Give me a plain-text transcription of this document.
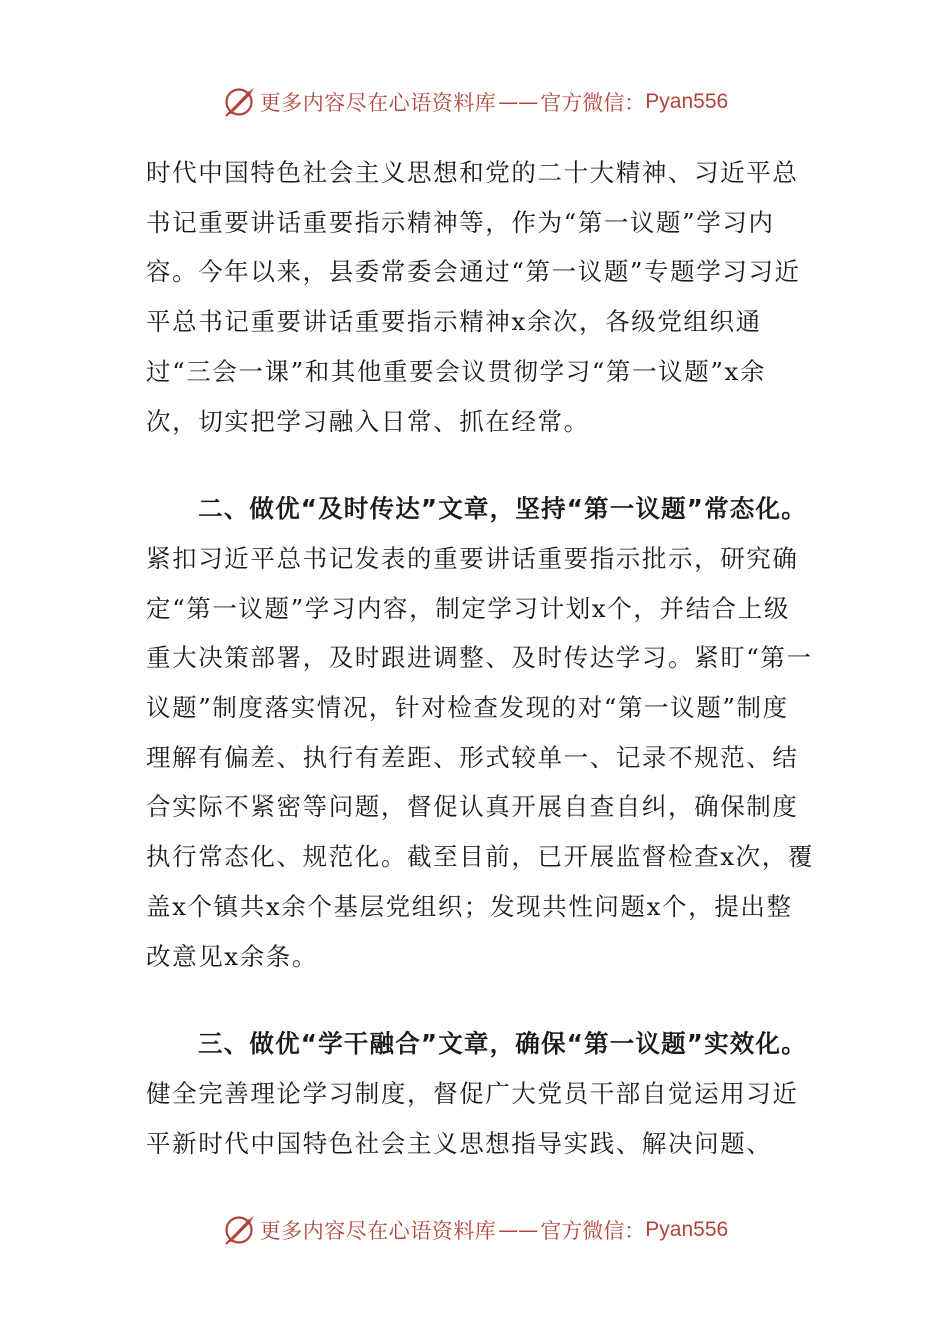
更多内容尽在心语资料库 —— 官方微信： Pyan556

时代中国特色社会主义思想和党的二十大精神、习近平总书记重要讲话重要指示精神等，作为“第一议题”学习内容。今年以来，县委常委会通过“第一议题”专题学习习近平总书记重要讲话重要指示精神x余次，各级党组织通过“三会一课”和其他重要会议贯彻学习“第一议题”x余次，切实把学习融入日常、抓在经常。

二、做优“及时传达”文章，坚持“第一议题”常态化。紧扣习近平总书记发表的重要讲话重要指示批示，研究确定“第一议题”学习内容，制定学习计划x个，并结合上级重大决策部署，及时跟进调整、及时传达学习。紧盯“第一议题”制度落实情况，针对检查发现的对“第一议题”制度理解有偏差、执行有差距、形式较单一、记录不规范、结合实际不紧密等问题，督促认真开展自查自纠，确保制度执行常态化、规范化。截至目前，已开展监督检查x次，覆盖x个镇共x余个基层党组织；发现共性问题x个，提出整改意见x余条。

三、做优“学干融合”文章，确保“第一议题”实效化。健全完善理论学习制度，督促广大党员干部自觉运用习近平新时代中国特色社会主义思想指导实践、解决问题、

更多内容尽在心语资料库 —— 官方微信： Pyan556
